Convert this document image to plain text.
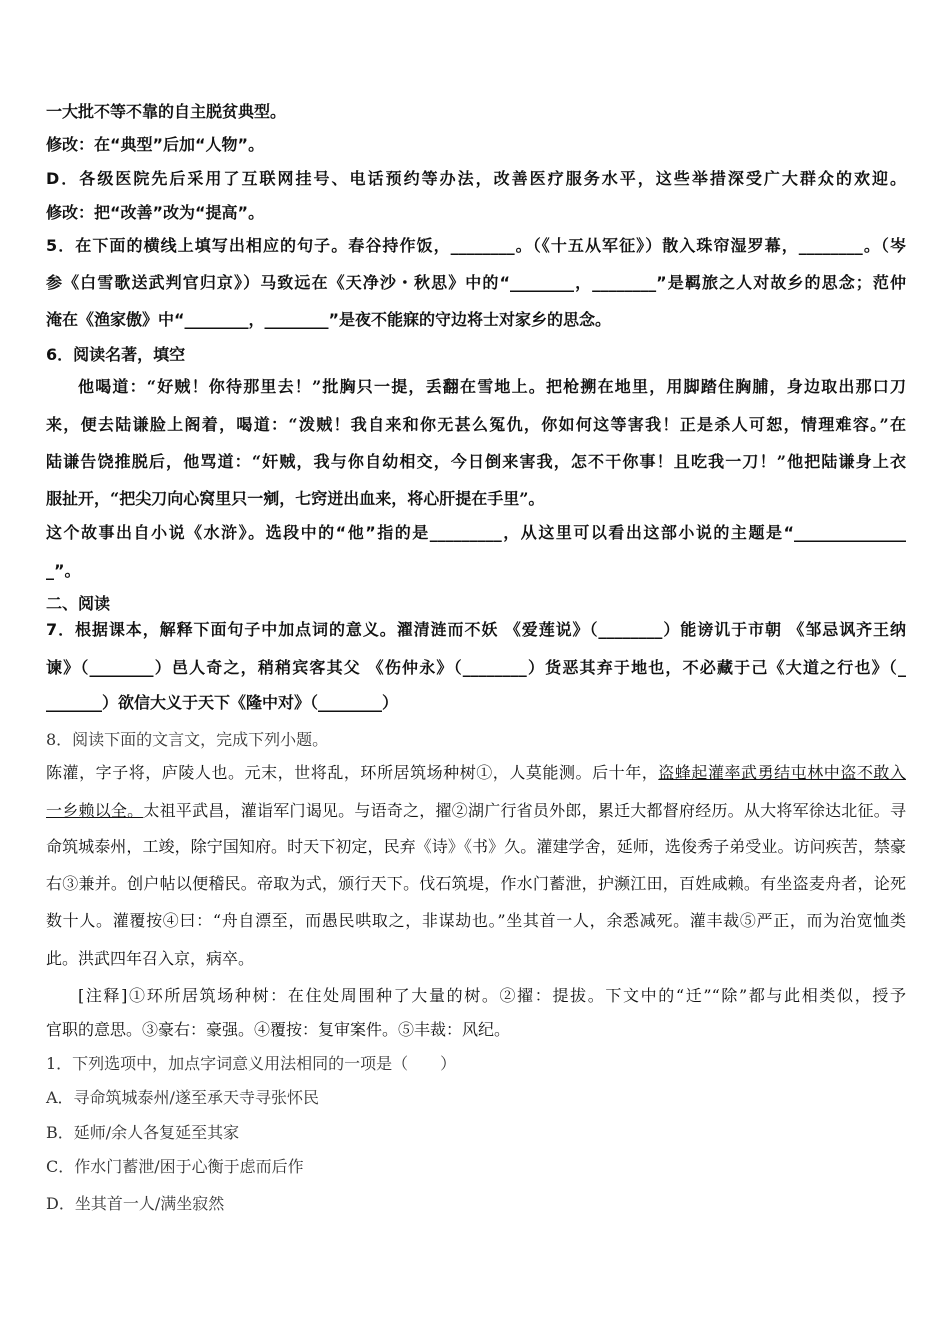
一大批不等不靠的自主脱贫典型。
修改：在“典型”后加“人物”。
D．各级医院先后采用了互联网挂号、电话预约等办法，改善医疗服务水平，这些举措深受广大群众的欢迎。
修改：把“改善”改为“提高”。
5．在下面的横线上填写出相应的句子。春谷持作饭，________。（《十五从军征》）散入珠帘湿罗幕，________。（岑
参《白雪歌送武判官归京》）马致远在《天净沙・秋思》中的“________，________”是羁旅之人对故乡的思念；范仲
淹在《渔家傲》中“________，________”是夜不能寐的守边将士对家乡的思念。
6．阅读名著，填空
他喝道：“好贼！你待那里去！”批胸只一提，丢翻在雪地上。把枪搠在地里，用脚踏住胸脯，身边取出那口刀
来，便去陆谦脸上阁着，喝道：“泼贼！我自来和你无甚么冤仇，你如何这等害我！正是杀人可恕，情理难容。”在
陆谦告饶推脱后，他骂道：“奸贼，我与你自幼相交，今日倒来害我，怎不干你事！且吃我一刀！”他把陆谦身上衣
服扯开，“把尖刀向心窝里只一剜，七窍迸出血来，将心肝提在手里”。
这个故事出自小说《水浒》。选段中的“他”指的是_________，从这里可以看出这部小说的主题是“______________
_”。
二、阅读
7．根据课本，解释下面句子中加点词的意义。濯清涟而不妖 《爱莲说》（________）能谤讥于市朝 《邹忌讽齐王纳
谏》（________）邑人奇之，稍稍宾客其父 《伤仲永》（________）货恶其弃于地也，不必藏于己《大道之行也》（_
_______）欲信大义于天下《隆中对》（________）
8．阅读下面的文言文，完成下列小题。
陈灌，字子将，庐陵人也。元末，世将乱，环所居筑场种树①，人莫能测。后十年，盗蜂起灌率武勇结屯林中盗不敢入
一乡赖以全。太祖平武昌，灌诣军门谒见。与语奇之，擢②湖广行省员外郎，累迁大都督府经历。从大将军徐达北征。寻
命筑城泰州，工竣，除宁国知府。时天下初定，民弃《诗》《书》久。灌建学舍，延师，选俊秀子弟受业。访问疾苦，禁豪
右③兼并。创户帖以便稽民。帝取为式，颁行天下。伐石筑堤，作水门蓄泄，护濒江田，百姓咸赖。有坐盗麦舟者，论死
数十人。灌覆按④曰：“舟自漂至，而愚民哄取之，非谋劫也。”坐其首一人，余悉减死。灌丰裁⑤严正，而为治宽恤类
此。洪武四年召入京，病卒。
[注释]①环所居筑场种树：在住处周围种了大量的树。②擢：提拔。下文中的“迁”“除”都与此相类似，授予
官职的意思。③豪右：豪强。④覆按：复审案件。⑤丰裁：风纪。
1．下列选项中，加点字词意义用法相同的一项是（　　）
A．寻命筑城泰州/遂至承天寺寻张怀民
B．延师/余人各复延至其家
C．作水门蓄泄/困于心衡于虑而后作
D．坐其首一人/满坐寂然
